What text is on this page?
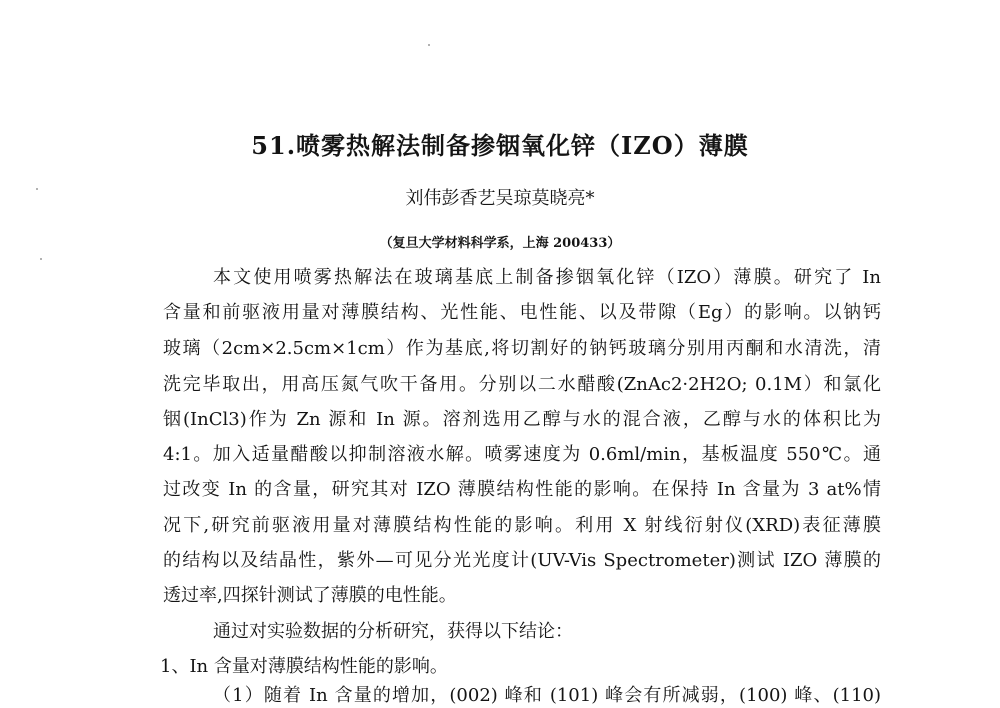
51.喷雾热解法制备掺铟氧化锌（IZO）薄膜
刘伟彭香艺吴琼莫晓亮*
（复旦大学材料科学系，上海 200433）
本文使用喷雾热解法在玻璃基底上制备掺铟氧化锌（IZO）薄膜。研究了 In
含量和前驱液用量对薄膜结构、光性能、电性能、以及带隙（Eg）的影响。以钠钙
玻璃（2cm×2.5cm×1cm）作为基底,将切割好的钠钙玻璃分别用丙酮和水清洗，清
洗完毕取出，用高压氮气吹干备用。分别以二水醋酸(ZnAc2·2H2O; 0.1M）和氯化
铟(InCl3)作为 Zn 源和 In 源。溶剂选用乙醇与水的混合液，乙醇与水的体积比为
4:1。加入适量醋酸以抑制溶液水解。喷雾速度为 0.6ml/min，基板温度 550℃。通
过改变 In 的含量，研究其对 IZO 薄膜结构性能的影响。在保持 In 含量为 3 at%情
况下,研究前驱液用量对薄膜结构性能的影响。利用 X 射线衍射仪(XRD)表征薄膜
的结构以及结晶性，紫外—可见分光光度计(UV-Vis Spectrometer)测试 IZO 薄膜的
透过率,四探针测试了薄膜的电性能。
通过对实验数据的分析研究，获得以下结论：
1、In 含量对薄膜结构性能的影响。
（1）随着 In 含量的增加，(002) 峰和 (101) 峰会有所减弱，(100) 峰、(110)
